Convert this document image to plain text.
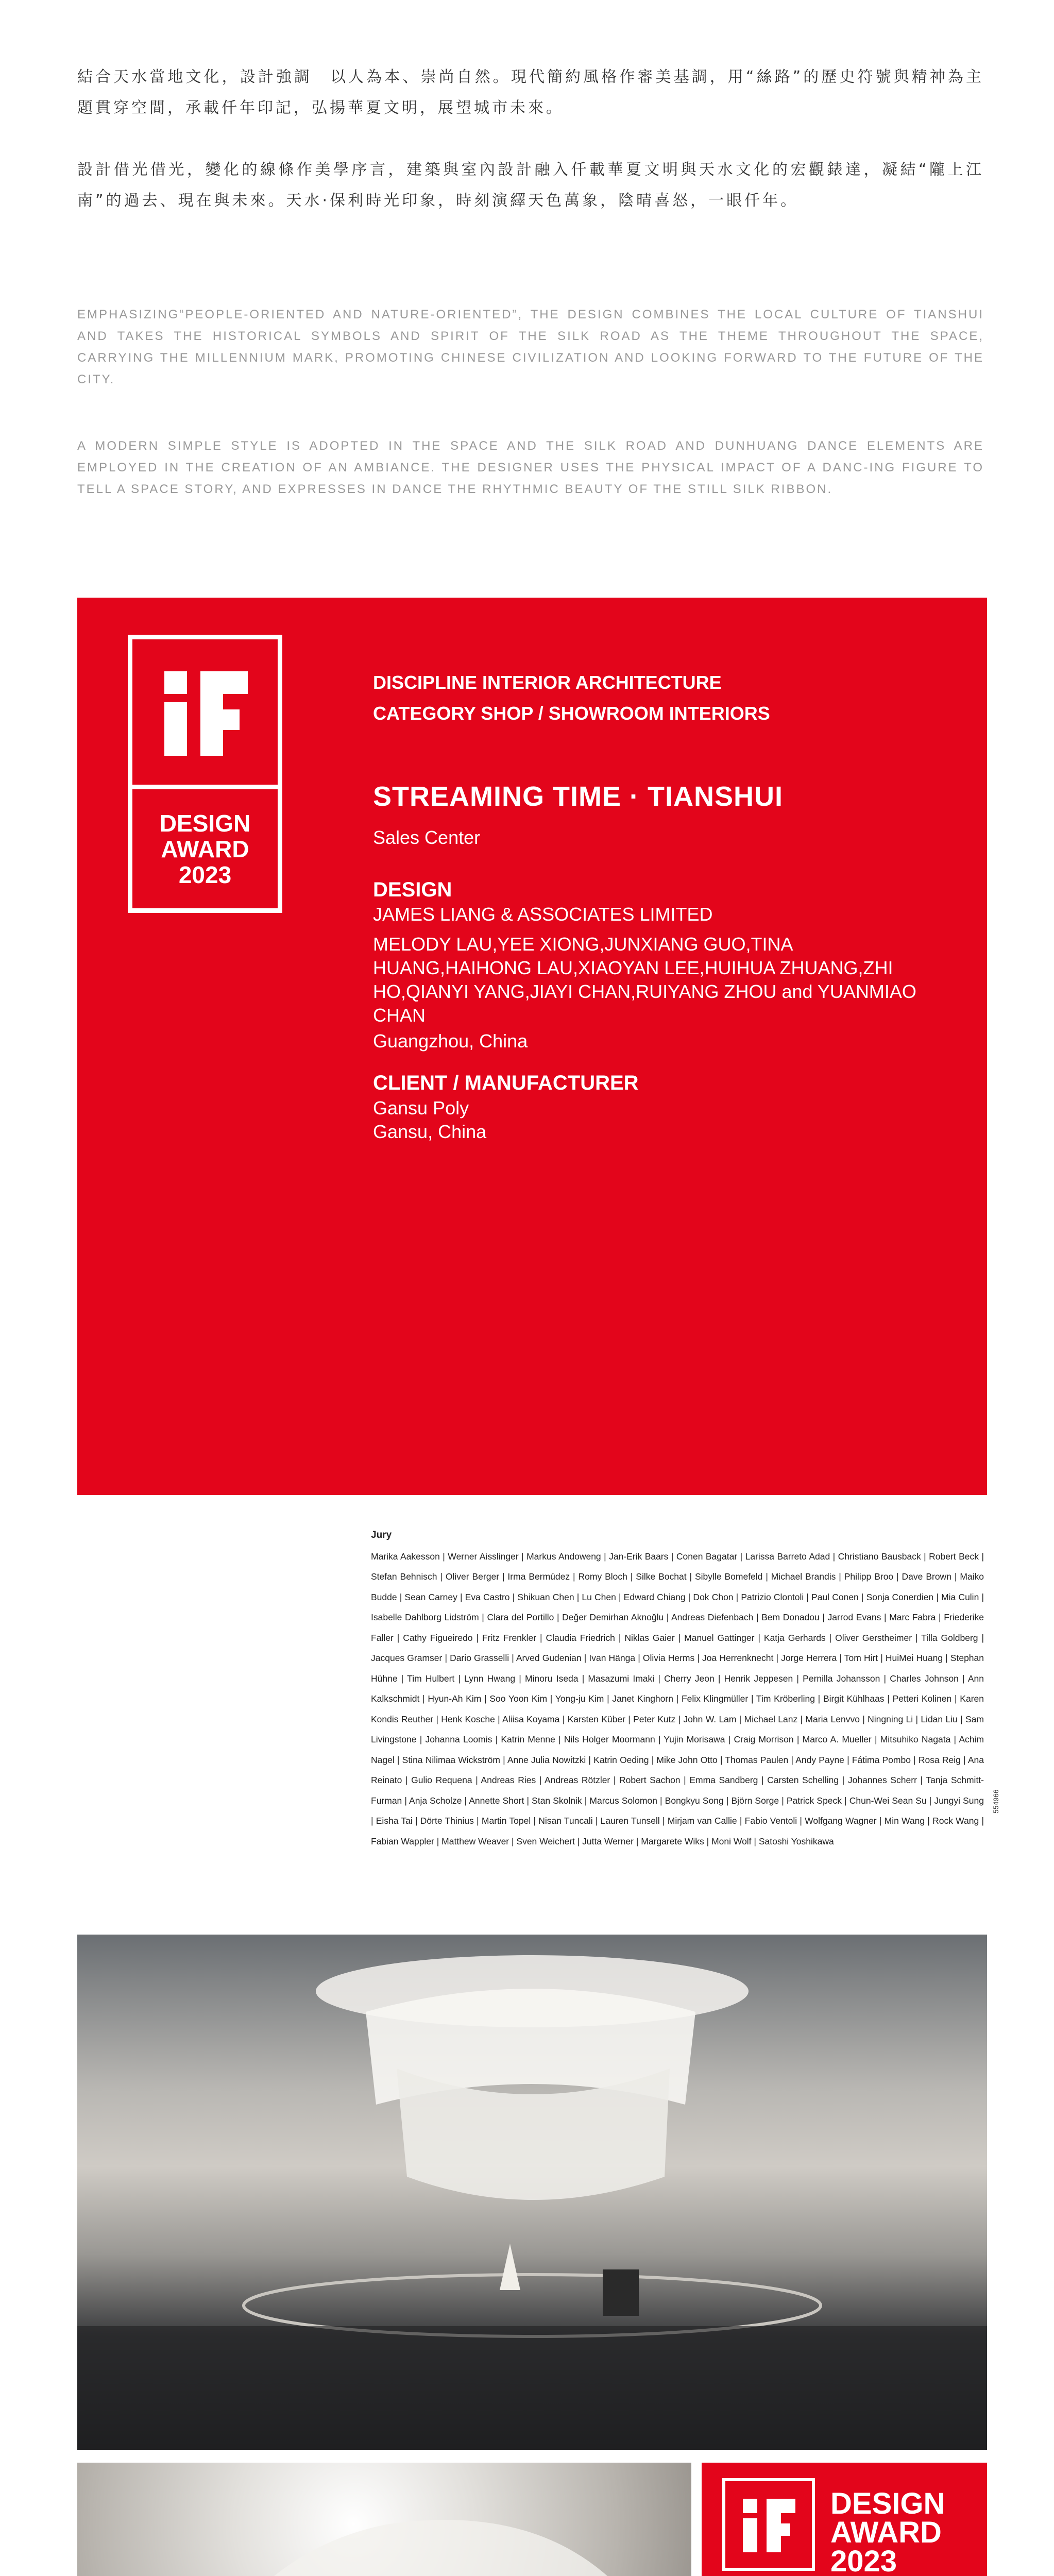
結合天水當地文化，設計強調　以人為本、崇尚自然。現代簡約風格作審美基調，用“絲路”的歷史符號與精神為主題貫穿空間，承載仟年印記，弘揚華夏文明，展望城市未來。

設計借光借光，變化的線條作美學序言，建築與室內設計融入仟載華夏文明與天水文化的宏觀錶達，凝結“隴上江南”的過去、現在與未來。天水·保利時光印象，時刻演繹天色萬象，陰晴喜怒，一眼仟年。

EMPHASIZING“PEOPLE-ORIENTED AND NATURE-ORIENTED”, THE DESIGN COMBINES THE LOCAL CULTURE OF TIANSHUI AND TAKES THE HISTORICAL SYMBOLS AND SPIRIT OF THE SILK ROAD AS THE THEME THROUGHOUT THE SPACE, CARRYING THE MILLENNIUM MARK, PROMOTING CHINESE CIVILIZATION AND LOOKING FORWARD TO THE FUTURE OF THE CITY.

A MODERN SIMPLE STYLE IS ADOPTED IN THE SPACE AND THE SILK ROAD AND DUNHUANG DANCE ELEMENTS ARE EMPLOYED IN THE CREATION OF AN AMBIANCE. THE DESIGNER USES THE PHYSICAL IMPACT OF A DANC-ING FIGURE TO TELL A SPACE STORY, AND EXPRESSES IN DANCE THE RHYTHMIC BEAUTY OF THE STILL SILK RIBBON.

DESIGN
AWARD
2023
DISCIPLINE INTERIOR ARCHITECTURE
CATEGORY SHOP / SHOWROOM INTERIORS
STREAMING TIME · TIANSHUI
Sales Center
DESIGN
JAMES LIANG & ASSOCIATES LIMITED
MELODY LAU,YEE XIONG,JUNXIANG GUO,TINA HUANG,HAIHONG LAU,XIAOYAN LEE,HUIHUA ZHUANG,ZHI HO,QIANYI YANG,JIAYI CHAN,RUIYANG ZHOU and YUANMIAO CHAN
Guangzhou, China
CLIENT / MANUFACTURER
Gansu Poly
Gansu, China
Jury
Marika Aakesson | Werner Aisslinger | Markus Andoweng | Jan-Erik Baars | Conen Bagatar | Larissa Barreto Adad | Christiano Bausback | Robert Beck | Stefan Behnisch | Oliver Berger | Irma Bermúdez | Romy Bloch | Silke Bochat | Sibylle Bomefeld | Michael Brandis | Philipp Broo | Dave Brown | Maiko Budde | Sean Carney | Eva Castro | Shikuan Chen | Lu Chen | Edward Chiang | Dok Chon | Patrizio Clontoli | Paul Conen | Sonja Conerdien | Mia Culin | Isabelle Dahlborg Lidström | Clara del Portillo | Değer Demirhan Aknoğlu | Andreas Diefenbach | Bem Donadou | Jarrod Evans | Marc Fabra | Friederike Faller | Cathy Figueiredo | Fritz Frenkler | Claudia Friedrich | Niklas Gaier | Manuel Gattinger | Katja Gerhards | Oliver Gerstheimer | Tilla Goldberg | Jacques Gramser | Dario Grasselli | Arved Gudenian | Ivan Hänga | Olivia Herms | Joa Herrenknecht | Jorge Herrera | Tom Hirt | HuiMei Huang | Stephan Hühne | Tim Hulbert | Lynn Hwang | Minoru Iseda | Masazumi Imaki | Cherry Jeon | Henrik Jeppesen | Pernilla Johansson | Charles Johnson | Ann Kalkschmidt | Hyun-Ah Kim | Soo Yoon Kim | Yong-ju Kim | Janet Kinghorn | Felix Klingmüller | Tim Kröberling | Birgit Kühlhaas | Petteri Kolinen | Karen Kondis Reuther | Henk Kosche | Aliisa Koyama | Karsten Küber | Peter Kutz | John W. Lam | Michael Lanz | Maria Lenvvo | Ningning Li | Lidan Liu | Sam Livingstone | Johanna Loomis | Katrin Menne | Nils Holger Moormann | Yujin Morisawa | Craig Morrison | Marco A. Mueller | Mitsuhiko Nagata | Achim Nagel | Stina Nilimaa Wickström | Anne Julia Nowitzki | Katrin Oeding | Mike John Otto | Thomas Paulen | Andy Payne | Fátima Pombo | Rosa Reig | Ana Reinato | Gulio Requena | Andreas Ries | Andreas Rötzler | Robert Sachon | Emma Sandberg | Carsten Schelling | Johannes Scherr | Tanja Schmitt-Furman | Anja Scholze | Annette Short | Stan Skolnik | Marcus Solomon | Bongkyu Song | Björn Sorge | Patrick Speck | Chun-Wei Sean Su | Jungyi Sung | Eisha Tai | Dörte Thinius | Martin Topel | Nisan Tuncali | Lauren Tunsell | Mirjam van Callie | Fabio Ventoli | Wolfgang Wagner | Min Wang | Rock Wang | Fabian Wappler | Matthew Weaver | Sven Weichert | Jutta Werner | Margarete Wiks | Moni Wolf | Satoshi Yoshikawa
554966
DESIGN
AWARD
2023
